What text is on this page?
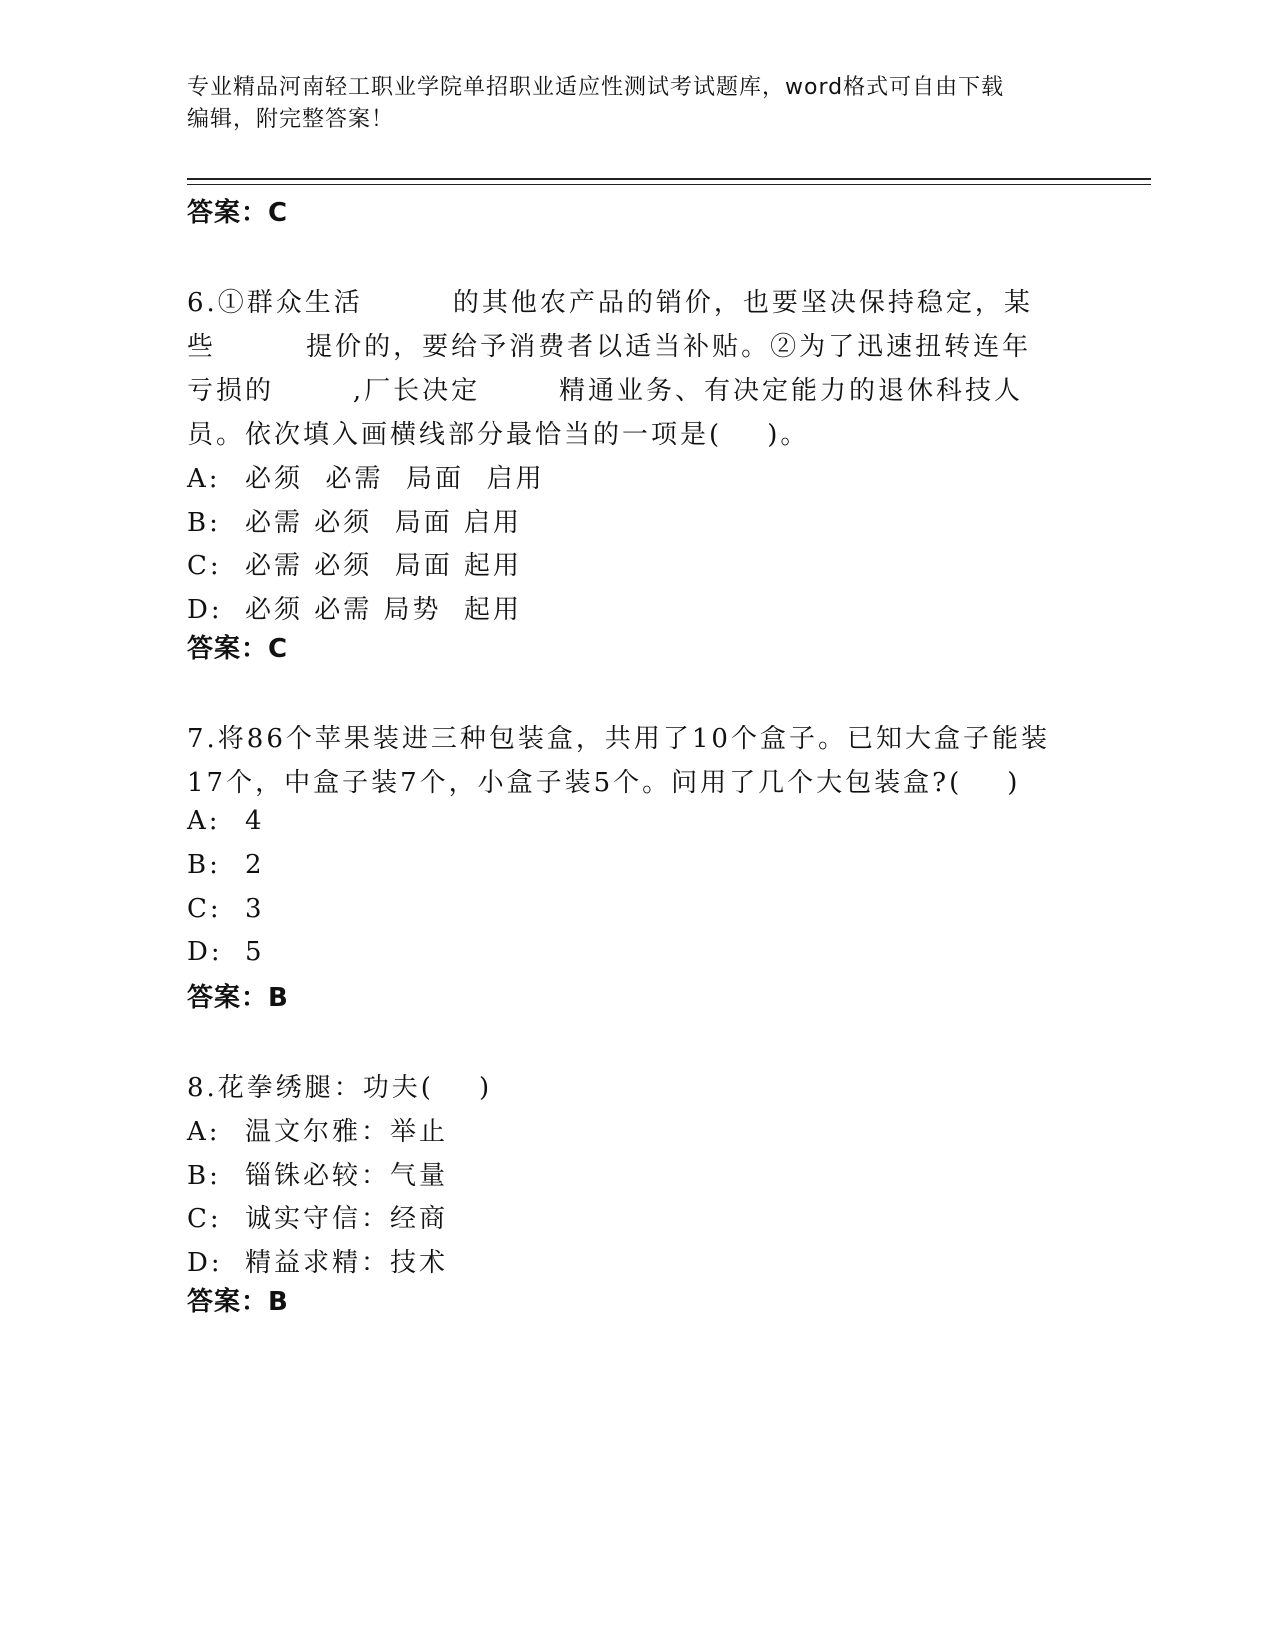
专业精品河南轻工职业学院单招职业适应性测试考试题库，word格式可自由下载
编辑，附完整答案！
答案：C
6.①群众生活        的其他农产品的销价，也要坚决保持稳定，某
些        提价的，要给予消费者以适当补贴。②为了迅速扭转连年
亏损的       ,厂长决定       精通业务、有决定能力的退休科技人
员。依次填入画横线部分最恰当的一项是(    )。
A: 必须  必需  局面  启用
B: 必需 必须  局面 启用
C: 必需 必须  局面 起用
D: 必须 必需 局势  起用
答案：C
7.将86个苹果装进三种包装盒，共用了10个盒子。已知大盒子能装
17个，中盒子装7个，小盒子装5个。问用了几个大包装盒?(    )
A: 4
B: 2
C: 3
D: 5
答案：B
8.花拳绣腿：功夫(    )
A: 温文尔雅：举止
B: 锱铢必较：气量
C: 诚实守信：经商
D: 精益求精：技术
答案：B
